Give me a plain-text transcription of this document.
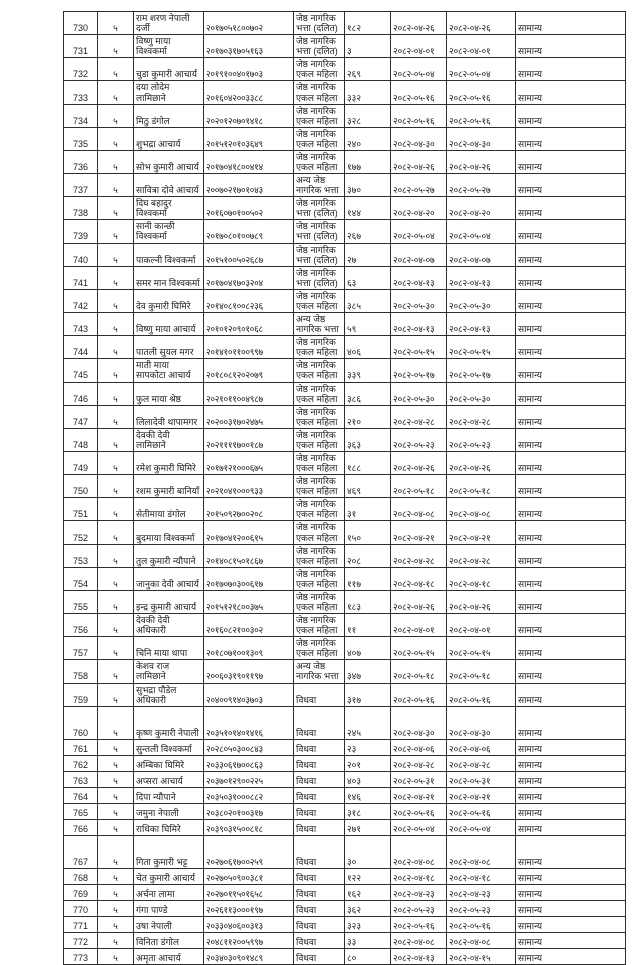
730	५	राम शरण नेपाली दर्जी	२०१७०५१८००७०२	जेष्ठ नागरिक भत्ता (दलित)	१८२	२०८२-०४-२६	२०८२-०४-२६	सामान्य
731	५	विष्णु माया विश्वकर्मा	२०१७०३१७०५१६३	जेष्ठ नागरिक भत्ता (दलित)	३	२०८२-०४-०१	२०८२-०४-०१	सामान्य
732	५	चुडा कुमारी आचार्य	२०१९१००४०१७०३	जेष्ठ नागरिक एकल महिला	२६९	२०८२-०५-०४	२०८२-०५-०४	सामान्य
733	५	दया लोदेम लामिछाने	२०१६०४२००३३८८	जेष्ठ नागरिक एकल महिला	३३२	२०८२-०५-१६	२०८२-०५-१६	सामान्य
734	५	मिठु डंगोल	२०२०१२०७०१४१८	जेष्ठ नागरिक एकल महिला	३२८	२०८२-०५-१६	२०८२-०५-१६	सामान्य
735	५	शुभद्रा आचार्य	२०१५१२०१०३६४९	जेष्ठ नागरिक एकल महिला	२४०	२०८२-०४-३०	२०८२-०४-३०	सामान्य
736	५	सोभ कुमारी आचार्य	२०१७०४१८००४१४	जेष्ठ नागरिक एकल महिला	१७७	२०८२-०४-२६	२०८२-०४-२६	सामान्य
737	५	सावित्रा दोवे आचार्य	२००७०२१७०१०४३	अन्य जेष्ठ नागरिक भत्ता	३७०	२०८२-०५-२७	२०८२-०५-२७	सामान्य
738	५	दिघ बहादुर विश्वकर्मा	२०१६०७०१००५०२	जेष्ठ नागरिक भत्ता (दलित)	१४४	२०८२-०४-२०	२०८२-०४-२०	सामान्य
739	५	सानी कान्छी विश्वकर्मा	२०१७०८०१००७८९	जेष्ठ नागरिक भत्ता (दलित)	२६७	२०८२-०५-०४	२०८२-०५-०४	सामान्य
740	५	पाकल्नी विश्वकर्मा	२०१५१००५०२६८७	जेष्ठ नागरिक भत्ता (दलित)	२७	२०८२-०४-०७	२०८२-०४-०७	सामान्य
741	५	समर मान विश्वकर्मा	२०१७०४१७०३२०४	जेष्ठ नागरिक भत्ता (दलित)	६३	२०८२-०४-१३	२०८२-०४-१३	सामान्य
742	५	देव कुमारी घिमिरे	२०१४०८१००८२३६	जेष्ठ नागरिक एकल महिला	३८५	२०८२-०५-३०	२०८२-०५-३०	सामान्य
743	५	विष्णु माया आचार्य	२०१०१२०९०१०६८	अन्य जेष्ठ नागरिक भत्ता	५९	२०८२-०४-१३	२०८२-०४-१३	सामान्य
744	५	पातली सुयल मगर	२०१४१०११००९९७	जेष्ठ नागरिक एकल महिला	४०६	२०८२-०५-१५	२०८२-०५-१५	सामान्य
745	५	माती माया सापकोटा आचार्य	२०१८०८१२०२०७९	जेष्ठ नागरिक एकल महिला	३३९	२०८२-०५-१७	२०८२-०५-१७	सामान्य
746	५	फुल माया श्रेष्ठ	२०२१०११००४९८७	जेष्ठ नागरिक एकल महिला	३८६	२०८२-०५-३०	२०८२-०५-३०	सामान्य
747	५	लिलादेवी थापामगर	२०२००३१७०२४७५	जेष्ठ नागरिक एकल महिला	२१०	२०८२-०४-२८	२०८२-०४-२८	सामान्य
748	५	देवकी देवी लामिछाने	२०२११११७००१८७	जेष्ठ नागरिक एकल महिला	३६३	२०८२-०५-२३	२०८२-०५-२३	सामान्य
749	५	रमेश कुमारी घिमिरे	२०१७१२१०००६७५	जेष्ठ नागरिक एकल महिला	१८८	२०८२-०४-२६	२०८२-०४-२६	सामान्य
750	५	रशम कुमारी बानियाँ	२०२१०४१०००९३३	जेष्ठ नागरिक एकल महिला	४६९	२०८२-०५-१८	२०८२-०५-१८	सामान्य
751	५	सेतीमाया डंगोल	२०१५०९२७००२०८	जेष्ठ नागरिक एकल महिला	३१	२०८२-०४-०८	२०८२-०४-०८	सामान्य
752	५	बुदमाया विश्वकर्मा	२०१७०४१२००६१५	जेष्ठ नागरिक एकल महिला	१५०	२०८२-०४-२१	२०८२-०४-२१	सामान्य
753	५	तुल कुमारी न्यौपाने	२०१४०८१५०१८६७	जेष्ठ नागरिक एकल महिला	२०८	२०८२-०४-२८	२०८२-०४-२८	सामान्य
754	५	जानुका देवी आचार्य	२०१७०७०३००६१७	जेष्ठ नागरिक एकल महिला	११७	२०८२-०४-१८	२०८२-०४-१८	सामान्य
755	५	इन्द्र कुमारी आचार्य	२०१५१२१८००३७५	जेष्ठ नागरिक एकल महिला	१८३	२०८२-०४-२६	२०८२-०४-२६	सामान्य
756	५	देवकी देवी अधिकारी	२०१६०८२१००३०२	जेष्ठ नागरिक एकल महिला	११	२०८२-०४-०१	२०८२-०४-०१	सामान्य
757	५	चिनि माया थापा	२०१८०७१००१३०९	जेष्ठ नागरिक एकल महिला	४०७	२०८२-०५-१५	२०८२-०५-१५	सामान्य
758	५	केशव राज लामिछाने	२००६०३१९०११९७	अन्य जेष्ठ नागरिक भत्ता	३४७	२०८२-०५-१८	२०८२-०५-१८	सामान्य
759	५	सुभद्रा पौडेल अधिकारी	२०४००९१४०३७०३	विधवा	३१७	२०८२-०५-१६	२०८२-०५-१६	सामान्य
760	५	कृष्ण कुमारी नेपाली	२०३५१०१४०१४१६	विधवा	२४५	२०८२-०४-३०	२०८२-०४-३०	सामान्य
761	५	सुन्तली विश्वकर्मा	२०२८०५०३००८४३	विधवा	२३	२०८२-०४-०६	२०८२-०४-०६	सामान्य
762	५	अम्बिका घिमिरे	२०३३०६१७००८६३	विधवा	२०१	२०८२-०४-२८	२०८२-०४-२८	सामान्य
763	५	अप्सरा आचार्य	२०३७०१२९००२२५	विधवा	४०३	२०८२-०५-३१	२०८२-०५-३१	सामान्य
764	५	दिपा न्यौपाने	२०३५०३१०००८८२	विधवा	१४६	२०८२-०४-२१	२०८२-०४-२१	सामान्य
765	५	जमुना नेपाली	२०३८०२०१००३१७	विधवा	३१८	२०८२-०५-१६	२०८२-०५-१६	सामान्य
766	५	राधिका घिमिरे	२०३९०३१५००८१८	विधवा	२७१	२०८२-०५-०४	२०८२-०५-०४	सामान्य
767	५	गिता कुमारी भट्ट	२०२७०६१७००२५९	विधवा	३०	२०८२-०४-०८	२०८२-०४-०८	सामान्य
768	५	चेत कुमारी आचार्य	२०२७०५०९००३८१	विधवा	१२२	२०८२-०४-१८	२०८२-०४-१८	सामान्य
769	५	अर्चना लामा	२०२७०११५०१६५८	विधवा	१६२	२०८२-०४-२३	२०८२-०४-२३	सामान्य
770	५	गंगा पाण्डे	२०२६११३०००१९७	विधवा	३६२	२०८२-०५-२३	२०८२-०५-२३	सामान्य
771	५	उषा नेपाली	२०३३०४०६००३१३	विधवा	३२३	२०८२-०५-१६	२०८२-०५-१६	सामान्य
772	५	विनिता डंगोल	२०४८११२००५९९७	विधवा	३३	२०८२-०४-०८	२०८२-०४-०८	सामान्य
773	५	अमृता आचार्य	२०३४०३०९०१४८९	विधवा	८०	२०८२-०४-१३	२०८२-०४-१५	सामान्य
